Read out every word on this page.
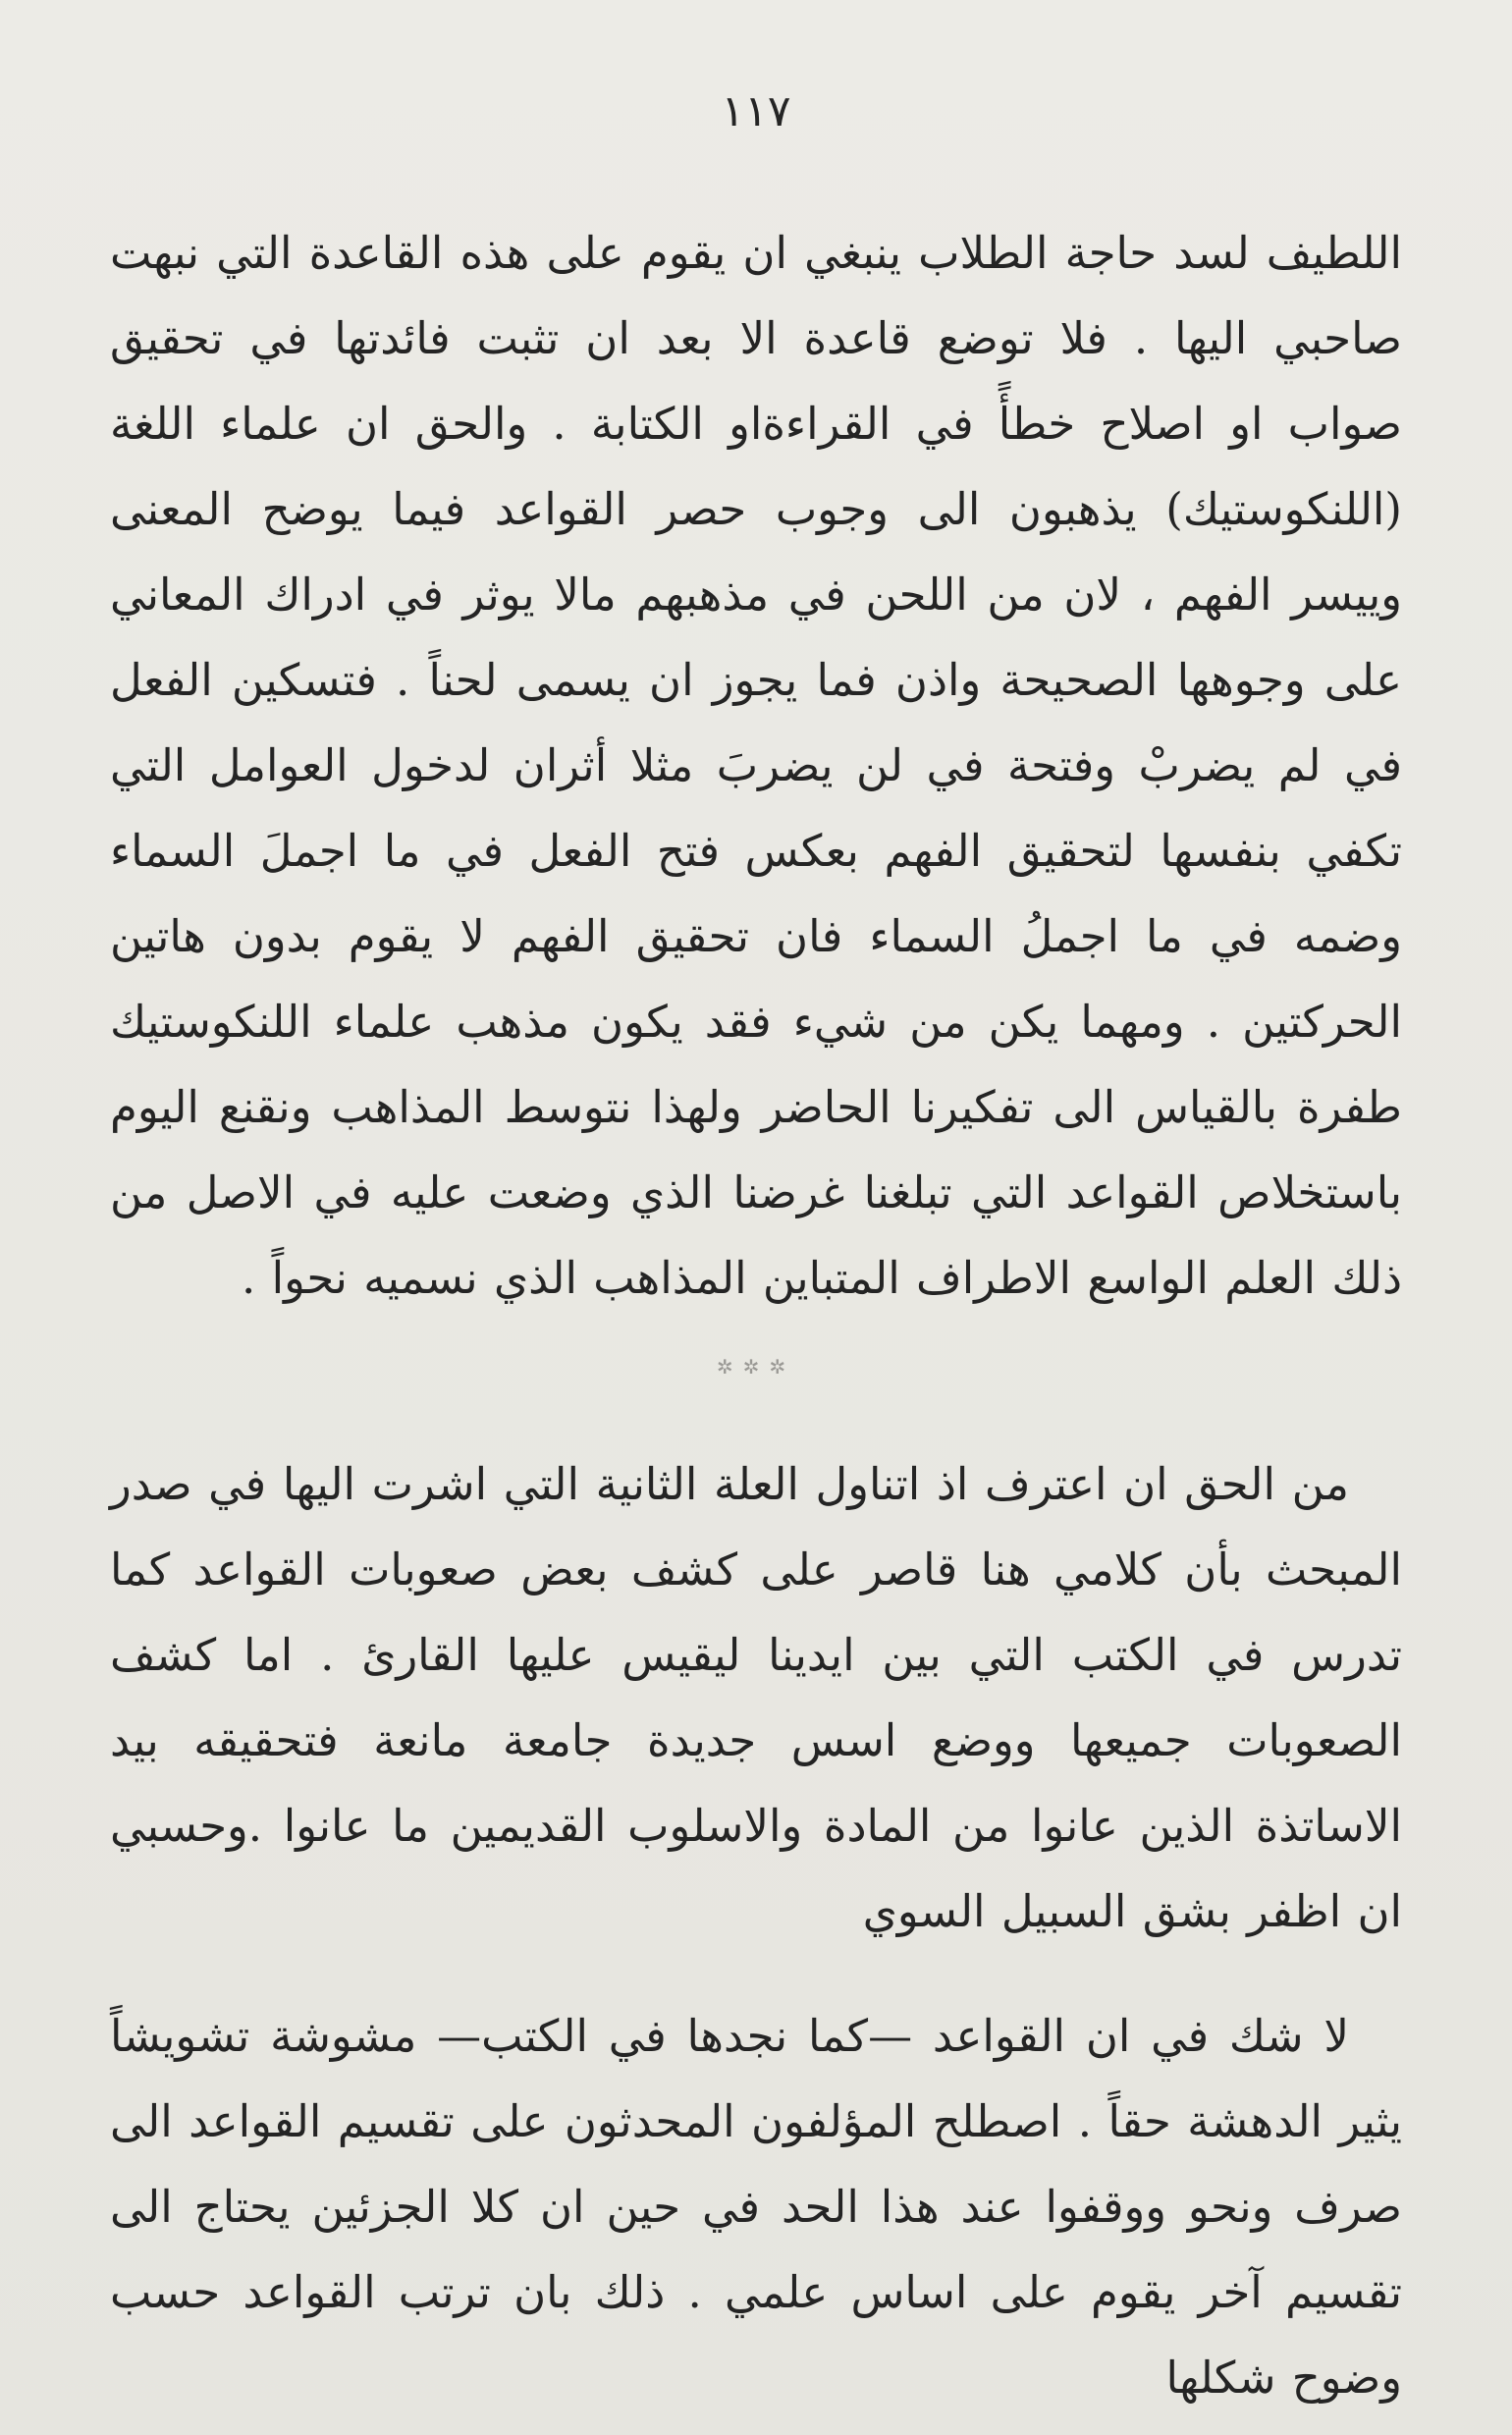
١١٧

اللطيف لسد حاجة الطلاب ينبغي ان يقوم على هذه القاعدة التي نبهت صاحبي اليها . فلا توضع قاعدة الا بعد ان تثبت فائدتها في تحقيق صواب او اصلاح خطأً في القراءةاو الكتابة . والحق ان علماء اللغة (اللنكوستيك) يذهبون الى وجوب حصر القواعد فيما يوضح المعنى وييسر الفهم ، لان من اللحن في مذهبهم مالا يوثر في ادراك المعاني على وجوهها الصحيحة واذن فما يجوز ان يسمى لحناً . فتسكين الفعل في لم يضربْ وفتحة في لن يضربَ مثلا أثران لدخول العوامل التي تكفي بنفسها لتحقيق الفهم بعكس فتح الفعل في ما اجملَ السماء وضمه في ما اجملُ السماء فان تحقيق الفهم لا يقوم بدون هاتين الحركتين . ومهما يكن من شيء فقد يكون مذهب علماء اللنكوستيك طفرة بالقياس الى تفكيرنا الحاضر ولهذا نتوسط المذاهب ونقنع اليوم باستخلاص القواعد التي تبلغنا غرضنا الذي وضعت عليه في الاصل من ذلك العلم الواسع الاطراف المتباين المذاهب الذي نسميه نحواً .

✲✲✲

من الحق ان اعترف اذ اتناول العلة الثانية التي اشرت اليها في صدر المبحث بأن كلامي هنا قاصر على كشف بعض صعوبات القواعد كما تدرس في الكتب التي بين ايدينا ليقيس عليها القارئ . اما كشف الصعوبات جميعها ووضع اسس جديدة جامعة مانعة فتحقيقه بيد الاساتذة الذين عانوا من المادة والاسلوب القديمين ما عانوا .وحسبي ان اظفر بشق السبيل السوي

لا شك في ان القواعد —كما نجدها في الكتب— مشوشة تشويشاً يثير الدهشة حقاً . اصطلح المؤلفون المحدثون على تقسيم القواعد الى صرف ونحو ووقفوا عند هذا الحد في حين ان كلا الجزئين يحتاج الى تقسيم آخر يقوم على اساس علمي . ذلك بان ترتب القواعد حسب وضوح شكلها
